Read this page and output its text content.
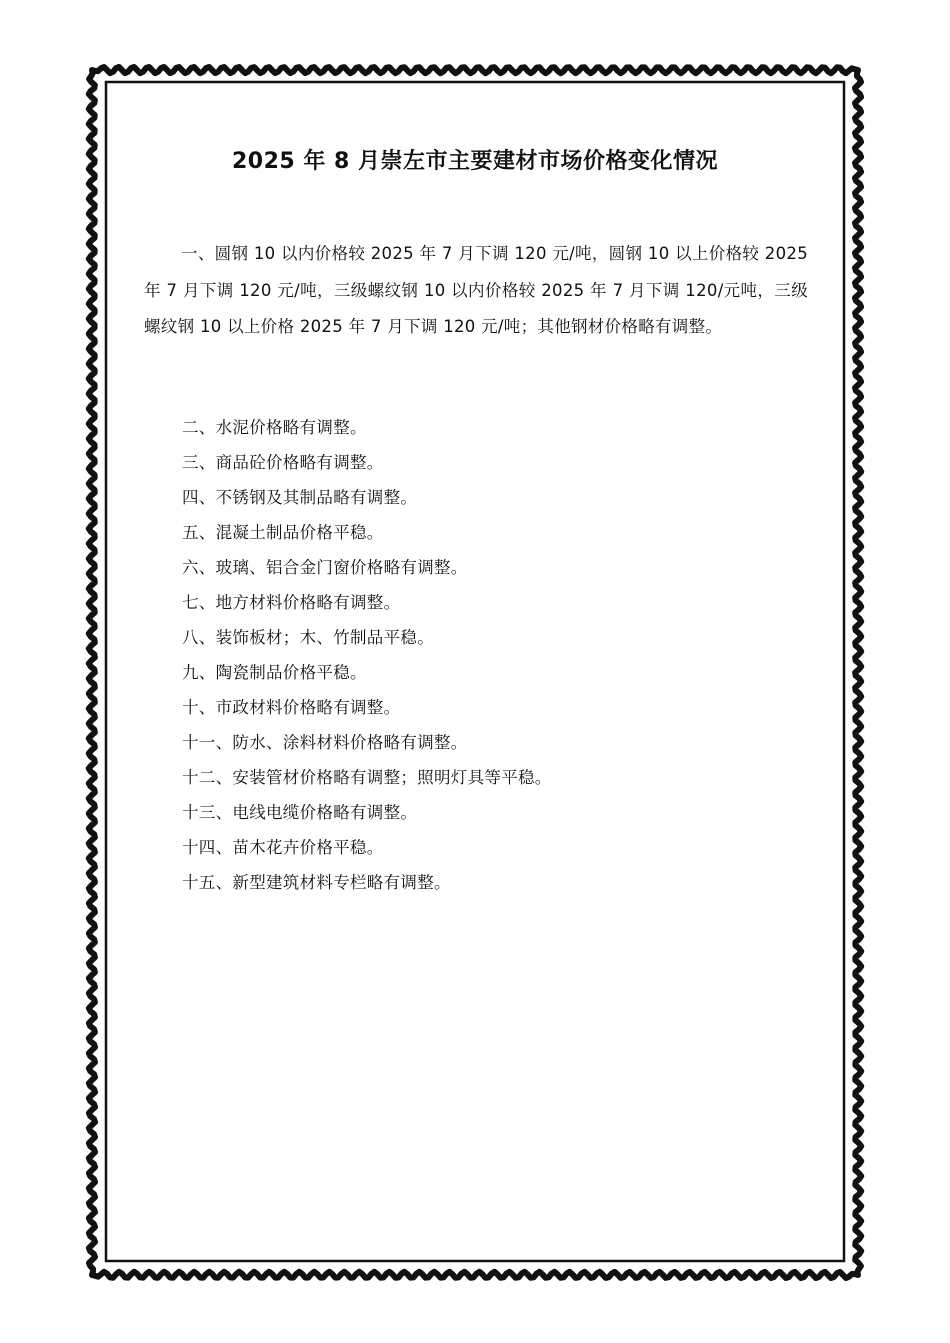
2025 年 8 月崇左市主要建材市场价格变化情况

一、圆钢 10 以内价格较 2025 年 7 月下调 120 元/吨，圆钢 10 以上价格较 2025 年 7 月下调 120 元/吨，三级螺纹钢 10 以内价格较 2025 年 7 月下调 120/元吨，三级螺纹钢 10 以上价格 2025 年 7 月下调 120 元/吨；其他钢材价格略有调整。

二、水泥价格略有调整。
三、商品砼价格略有调整。
四、不锈钢及其制品略有调整。
五、混凝土制品价格平稳。
六、玻璃、铝合金门窗价格略有调整。
七、地方材料价格略有调整。
八、装饰板材；木、竹制品平稳。
九、陶瓷制品价格平稳。
十、市政材料价格略有调整。
十一、防水、涂料材料价格略有调整。
十二、安装管材价格略有调整；照明灯具等平稳。
十三、电线电缆价格略有调整。
十四、苗木花卉价格平稳。
十五、新型建筑材料专栏略有调整。
